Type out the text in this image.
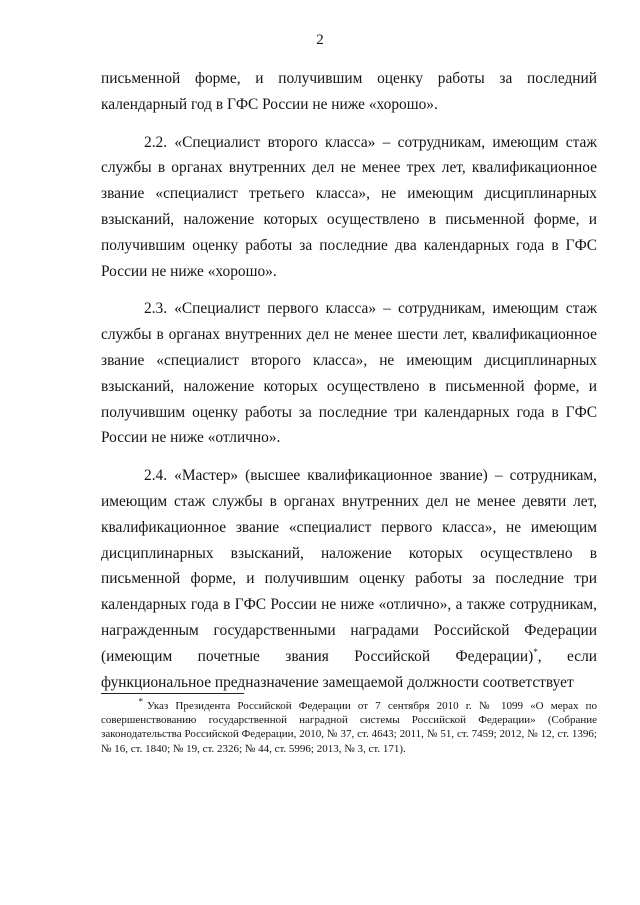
2

письменной форме, и получившим оценку работы за последний календарный год в ГФС России не ниже «хорошо».

2.2. «Специалист второго класса» – сотрудникам, имеющим стаж службы в органах внутренних дел не менее трех лет, квалификационное звание «специалист третьего класса», не имеющим дисциплинарных взысканий, наложение которых осуществлено в письменной форме, и получившим оценку работы за последние два календарных года в ГФС России не ниже «хорошо».

2.3. «Специалист первого класса» – сотрудникам, имеющим стаж службы в органах внутренних дел не менее шести лет, квалификационное звание «специалист второго класса», не имеющим дисциплинарных взысканий, наложение которых осуществлено в письменной форме, и получившим оценку работы за последние три календарных года в ГФС России не ниже «отлично».

2.4. «Мастер» (высшее квалификационное звание) – сотрудникам, имеющим стаж службы в органах внутренних дел не менее девяти лет, квалификационное звание «специалист первого класса», не имеющим дисциплинарных взысканий, наложение которых осуществлено в письменной форме, и получившим оценку работы за последние три календарных года в ГФС России не ниже «отлично», а также сотрудникам, награжденным государственными наградами Российской Федерации (имеющим почетные звания Российской Федерации)*, если функциональное предназначение замещаемой должности соответствует

* Указ Президента Российской Федерации от 7 сентября 2010 г. № 1099 «О мерах по совершенствованию государственной наградной системы Российской Федерации» (Собрание законодательства Российской Федерации, 2010, № 37, ст. 4643; 2011, № 51, ст. 7459; 2012, № 12, ст. 1396; № 16, ст. 1840; № 19, ст. 2326; № 44, ст. 5996; 2013, № 3, ст. 171).
